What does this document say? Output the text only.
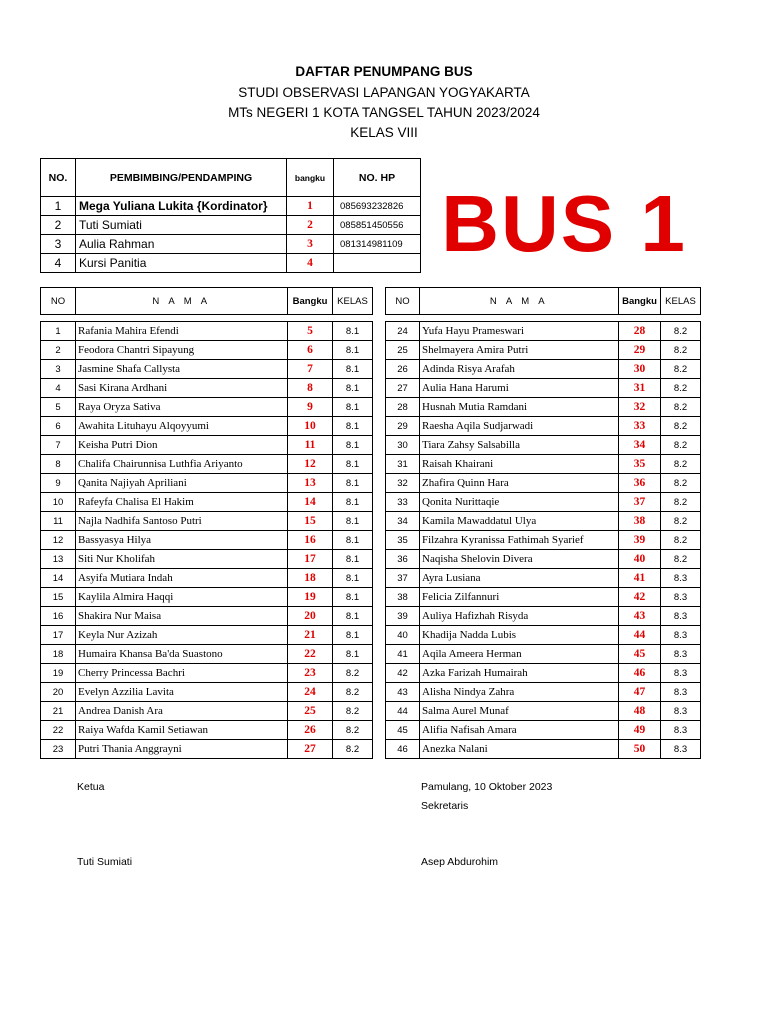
DAFTAR PENUMPANG BUS
STUDI OBSERVASI LAPANGAN YOGYAKARTA
MTs NEGERI 1 KOTA TANGSEL TAHUN 2023/2024
KELAS VIII
NO.	PEMBIMBING/PENDAMPING	bangku	NO. HP
1	Mega Yuliana Lukita {Kordinator}	1	085693232826
2	Tuti Sumiati	2	085851450556
3	Aulia Rahman	3	081314981109
4	Kursi Panitia	4	BUS 1
NO	N A M A	Bangku	KELAS	NO	N A M A	Bangku	KELAS
1	Rafania Mahira Efendi	5	8.1
2	Feodora Chantri Sipayung	6	8.1
3	Jasmine Shafa Callysta	7	8.1
4	Sasi Kirana Ardhani	8	8.1
5	Raya Oryza Sativa	9	8.1
6	Awahita Lituhayu Alqoyyumi	10	8.1
7	Keisha Putri Dion	11	8.1
8	Chalifa Chairunnisa Luthfia Ariyanto	12	8.1
9	Qanita Najiyah Apriliani	13	8.1
10	Rafeyfa Chalisa El Hakim	14	8.1
11	Najla Nadhifa Santoso Putri	15	8.1
12	Bassyasya Hilya	16	8.1
13	Siti Nur Kholifah	17	8.1
14	Asyifa Mutiara Indah	18	8.1
15	Kaylila Almira Haqqi	19	8.1
16	Shakira Nur Maisa	20	8.1
17	Keyla Nur Azizah	21	8.1
18	Humaira Khansa Ba'da Suastono	22	8.1
19	Cherry Princessa Bachri	23	8.2
20	Evelyn Azzilia Lavita	24	8.2
21	Andrea Danish Ara	25	8.2
22	Raiya Wafda Kamil Setiawan	26	8.2
23	Putri Thania Anggrayni	27	8.2
24	Yufa Hayu Prameswari	28	8.2
25	Shelmayera Amira Putri	29	8.2
26	Adinda Risya Arafah	30	8.2
27	Aulia Hana Harumi	31	8.2
28	Husnah Mutia Ramdani	32	8.2
29	Raesha Aqila Sudjarwadi	33	8.2
30	Tiara Zahsy Salsabilla	34	8.2
31	Raisah Khairani	35	8.2
32	Zhafira Quinn Hara	36	8.2
33	Qonita Nurittaqie	37	8.2
34	Kamila Mawaddatul Ulya	38	8.2
35	Filzahra Kyranissa Fathimah Syarief	39	8.2
36	Naqisha Shelovin Divera	40	8.2
37	Ayra Lusiana	41	8.3
38	Felicia Zilfannuri	42	8.3
39	Auliya Hafizhah Risyda	43	8.3
40	Khadija Nadda Lubis	44	8.3
41	Aqila Ameera Herman	45	8.3
42	Azka Farizah Humairah	46	8.3
43	Alisha Nindya Zahra	47	8.3
44	Salma Aurel Munaf	48	8.3
45	Alifia Nafisah Amara	49	8.3
46	Anezka Nalani	50	8.3
Ketua	Pamulang, 10 Oktober 2023
Sekretaris
Tuti Sumiati	Asep Abdurohim
